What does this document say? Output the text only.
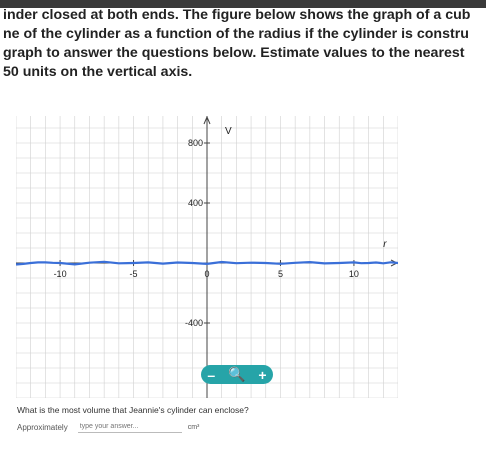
inder closed at both ends. The figure below shows the graph of a cub

ne of the cylinder as a function of the radius if the cylinder is constru

graph to answer the questions below. Estimate values to the nearest

50 units on the vertical axis.

-10	-5	0	5	10
800
400
-400
V
r
– 🔍 +
What is the most volume that Jeannie's cylinder can enclose?
Approximately
type your answer...	cm³
